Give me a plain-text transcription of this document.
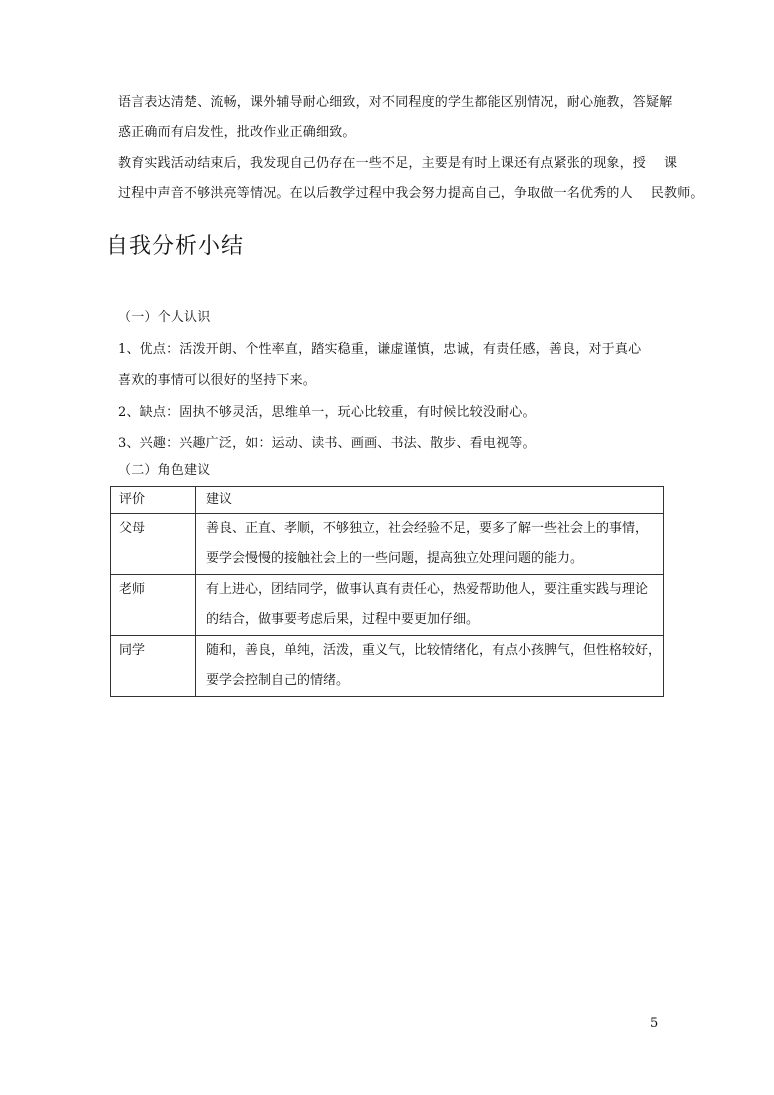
语言表达清楚、流畅，课外辅导耐心细致，对不同程度的学生都能区别情况，耐心施教，答疑解
惑正确而有启发性，批改作业正确细致。
教育实践活动结束后，我发现自己仍存在一些不足，主要是有时上课还有点紧张的现象，授 课
过程中声音不够洪亮等情况。在以后教学过程中我会努力提高自己，争取做一名优秀的人 民教师。
自我分析小结
（一）个人认识
1、优点：活泼开朗、个性率直，踏实稳重，谦虚谨慎，忠诚，有责任感，善良，对于真心
喜欢的事情可以很好的坚持下来。
2、缺点：固执不够灵活，思维单一，玩心比较重，有时候比较没耐心。
3、兴趣：兴趣广泛，如：运动、读书、画画、书法、散步、看电视等。
（二）角色建议
评价	建议

父母	善良、正直、孝顺，不够独立，社会经验不足，要多了解一些社会上的事情，
要学会慢慢的接触社会上的一些问题，提高独立处理问题的能力。

老师	有上进心，团结同学，做事认真有责任心，热爱帮助他人，要注重实践与理论
的结合，做事要考虑后果，过程中要更加仔细。

同学	随和，善良，单纯，活泼，重义气，比较情绪化，有点小孩脾气，但性格较好，
要学会控制自己的情绪。
5
